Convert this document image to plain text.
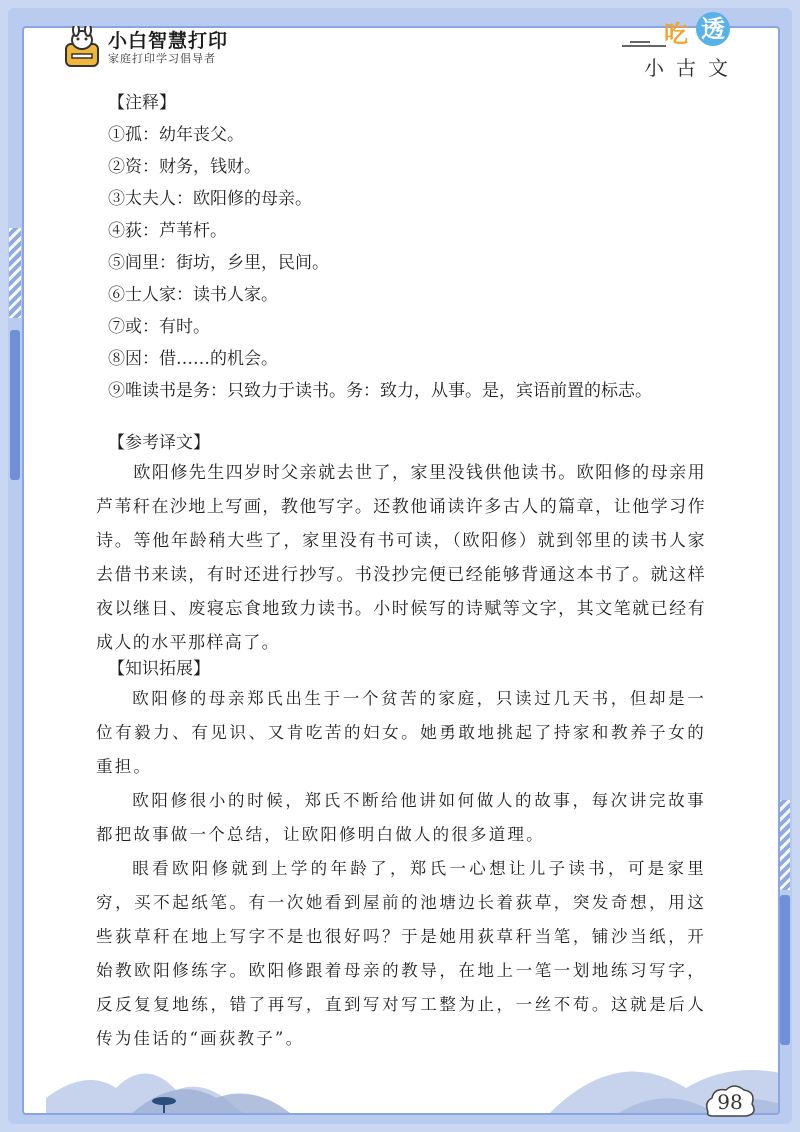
小白智慧打印
家庭打印学习倡导者
吃 透
小古文
【注释】
①孤：幼年丧父。
②资：财务，钱财。
③太夫人：欧阳修的母亲。
④荻：芦苇杆。
⑤闾里：街坊，乡里，民间。
⑥士人家：读书人家。
⑦或：有时。
⑧因：借……的机会。
⑨唯读书是务：只致力于读书。务：致力，从事。是，宾语前置的标志。
【参考译文】
欧阳修先生四岁时父亲就去世了，家里没钱供他读书。欧阳修的母亲用芦苇秆在沙地上写画，教他写字。还教他诵读许多古人的篇章，让他学习作诗。等他年龄稍大些了，家里没有书可读，（欧阳修）就到邻里的读书人家去借书来读，有时还进行抄写。书没抄完便已经能够背通这本书了。就这样夜以继日、废寝忘食地致力读书。小时候写的诗赋等文字，其文笔就已经有成人的水平那样高了。
【知识拓展】
欧阳修的母亲郑氏出生于一个贫苦的家庭，只读过几天书，但却是一位有毅力、有见识、又肯吃苦的妇女。她勇敢地挑起了持家和教养子女的重担。
欧阳修很小的时候，郑氏不断给他讲如何做人的故事，每次讲完故事都把故事做一个总结，让欧阳修明白做人的很多道理。
眼看欧阳修就到上学的年龄了，郑氏一心想让儿子读书，可是家里穷，买不起纸笔。有一次她看到屋前的池塘边长着荻草，突发奇想，用这些荻草秆在地上写字不是也很好吗？于是她用荻草秆当笔，铺沙当纸，开始教欧阳修练字。欧阳修跟着母亲的教导，在地上一笔一划地练习写字，反反复复地练，错了再写，直到写对写工整为止，一丝不苟。这就是后人传为佳话的“画荻教子”。
98
